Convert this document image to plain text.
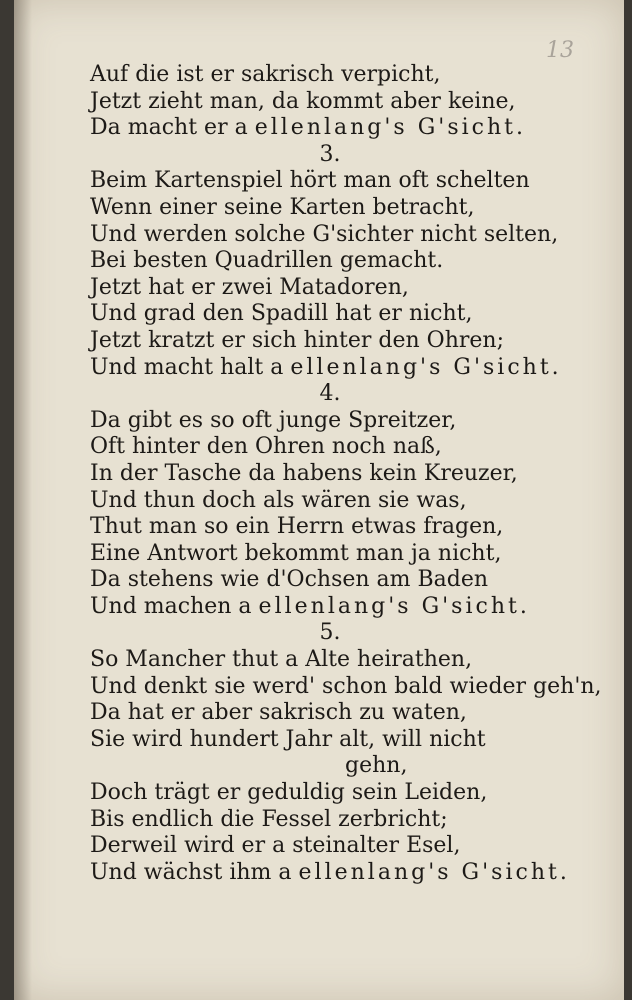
13
Auf die ist er sakrisch verpicht,
Jetzt zieht man, da kommt aber keine,
Da macht er a ellenlang's G'sicht.
3.
Beim Kartenspiel hört man oft schelten
Wenn einer seine Karten betracht,
Und werden solche G'sichter nicht selten,
Bei besten Quadrillen gemacht.
Jetzt hat er zwei Matadoren,
Und grad den Spadill hat er nicht,
Jetzt kratzt er sich hinter den Ohren;
Und macht halt a ellenlang's G'sicht.
4.
Da gibt es so oft junge Spreitzer,
Oft hinter den Ohren noch naß,
In der Tasche da habens kein Kreuzer,
Und thun doch als wären sie was,
Thut man so ein Herrn etwas fragen,
Eine Antwort bekommt man ja nicht,
Da stehens wie d'Ochsen am Baden
Und machen a ellenlang's G'sicht.
5.
So Mancher thut a Alte heirathen,
Und denkt sie werd' schon bald wieder geh'n,
Da hat er aber sakrisch zu waten,
Sie wird hundert Jahr alt, will nicht
gehn,
Doch trägt er geduldig sein Leiden,
Bis endlich die Fessel zerbricht;
Derweil wird er a steinalter Esel,
Und wächst ihm a ellenlang's G'sicht.
